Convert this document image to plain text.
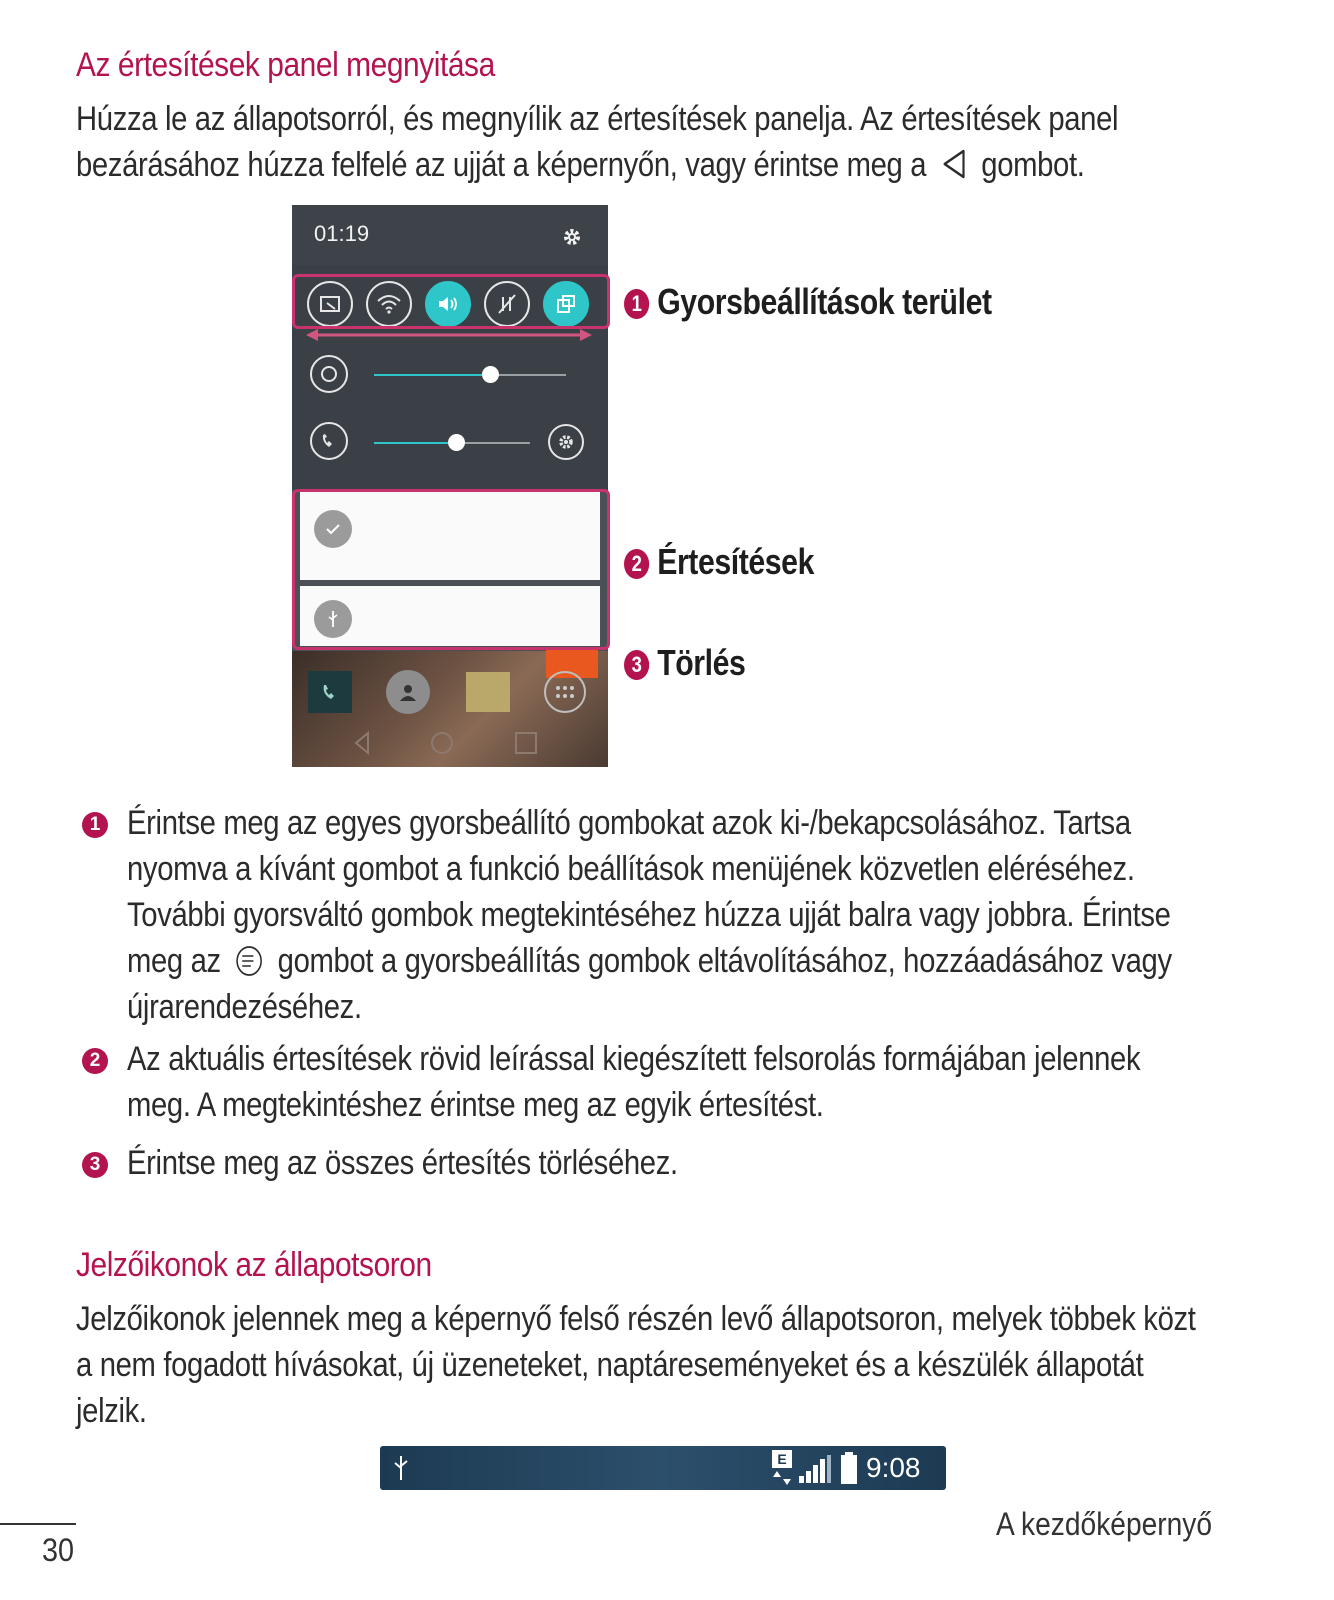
Az értesítések panel megnyitása
Húzza le az állapotsorról, és megnyílik az értesítések panelja. Az értesítések panel
bezárásához húzza felfelé az ujját a képernyőn, vagy érintse meg a gombot.
01:19
1 Gyorsbeállítások terület
2 Értesítések
3 Törlés
1 Érintse meg az egyes gyorsbeállító gombokat azok ki-/bekapcsolásához. Tartsa
nyomva a kívánt gombot a funkció beállítások menüjének közvetlen eléréséhez.
További gyorsváltó gombok megtekintéséhez húzza ujját balra vagy jobbra. Érintse
meg az gombot a gyorsbeállítás gombok eltávolításához, hozzáadásához vagy
újrarendezéséhez.
2 Az aktuális értesítések rövid leírással kiegészített felsorolás formájában jelennek
meg. A megtekintéshez érintse meg az egyik értesítést.
3 Érintse meg az összes értesítés törléséhez.
Jelzőikonok az állapotsoron
Jelzőikonok jelennek meg a képernyő felső részén levő állapotsoron, melyek többek közt
a nem fogadott hívásokat, új üzeneteket, naptáreseményeket és a készülék állapotát
jelzik.
E	9:08
30
A kezdőképernyő
